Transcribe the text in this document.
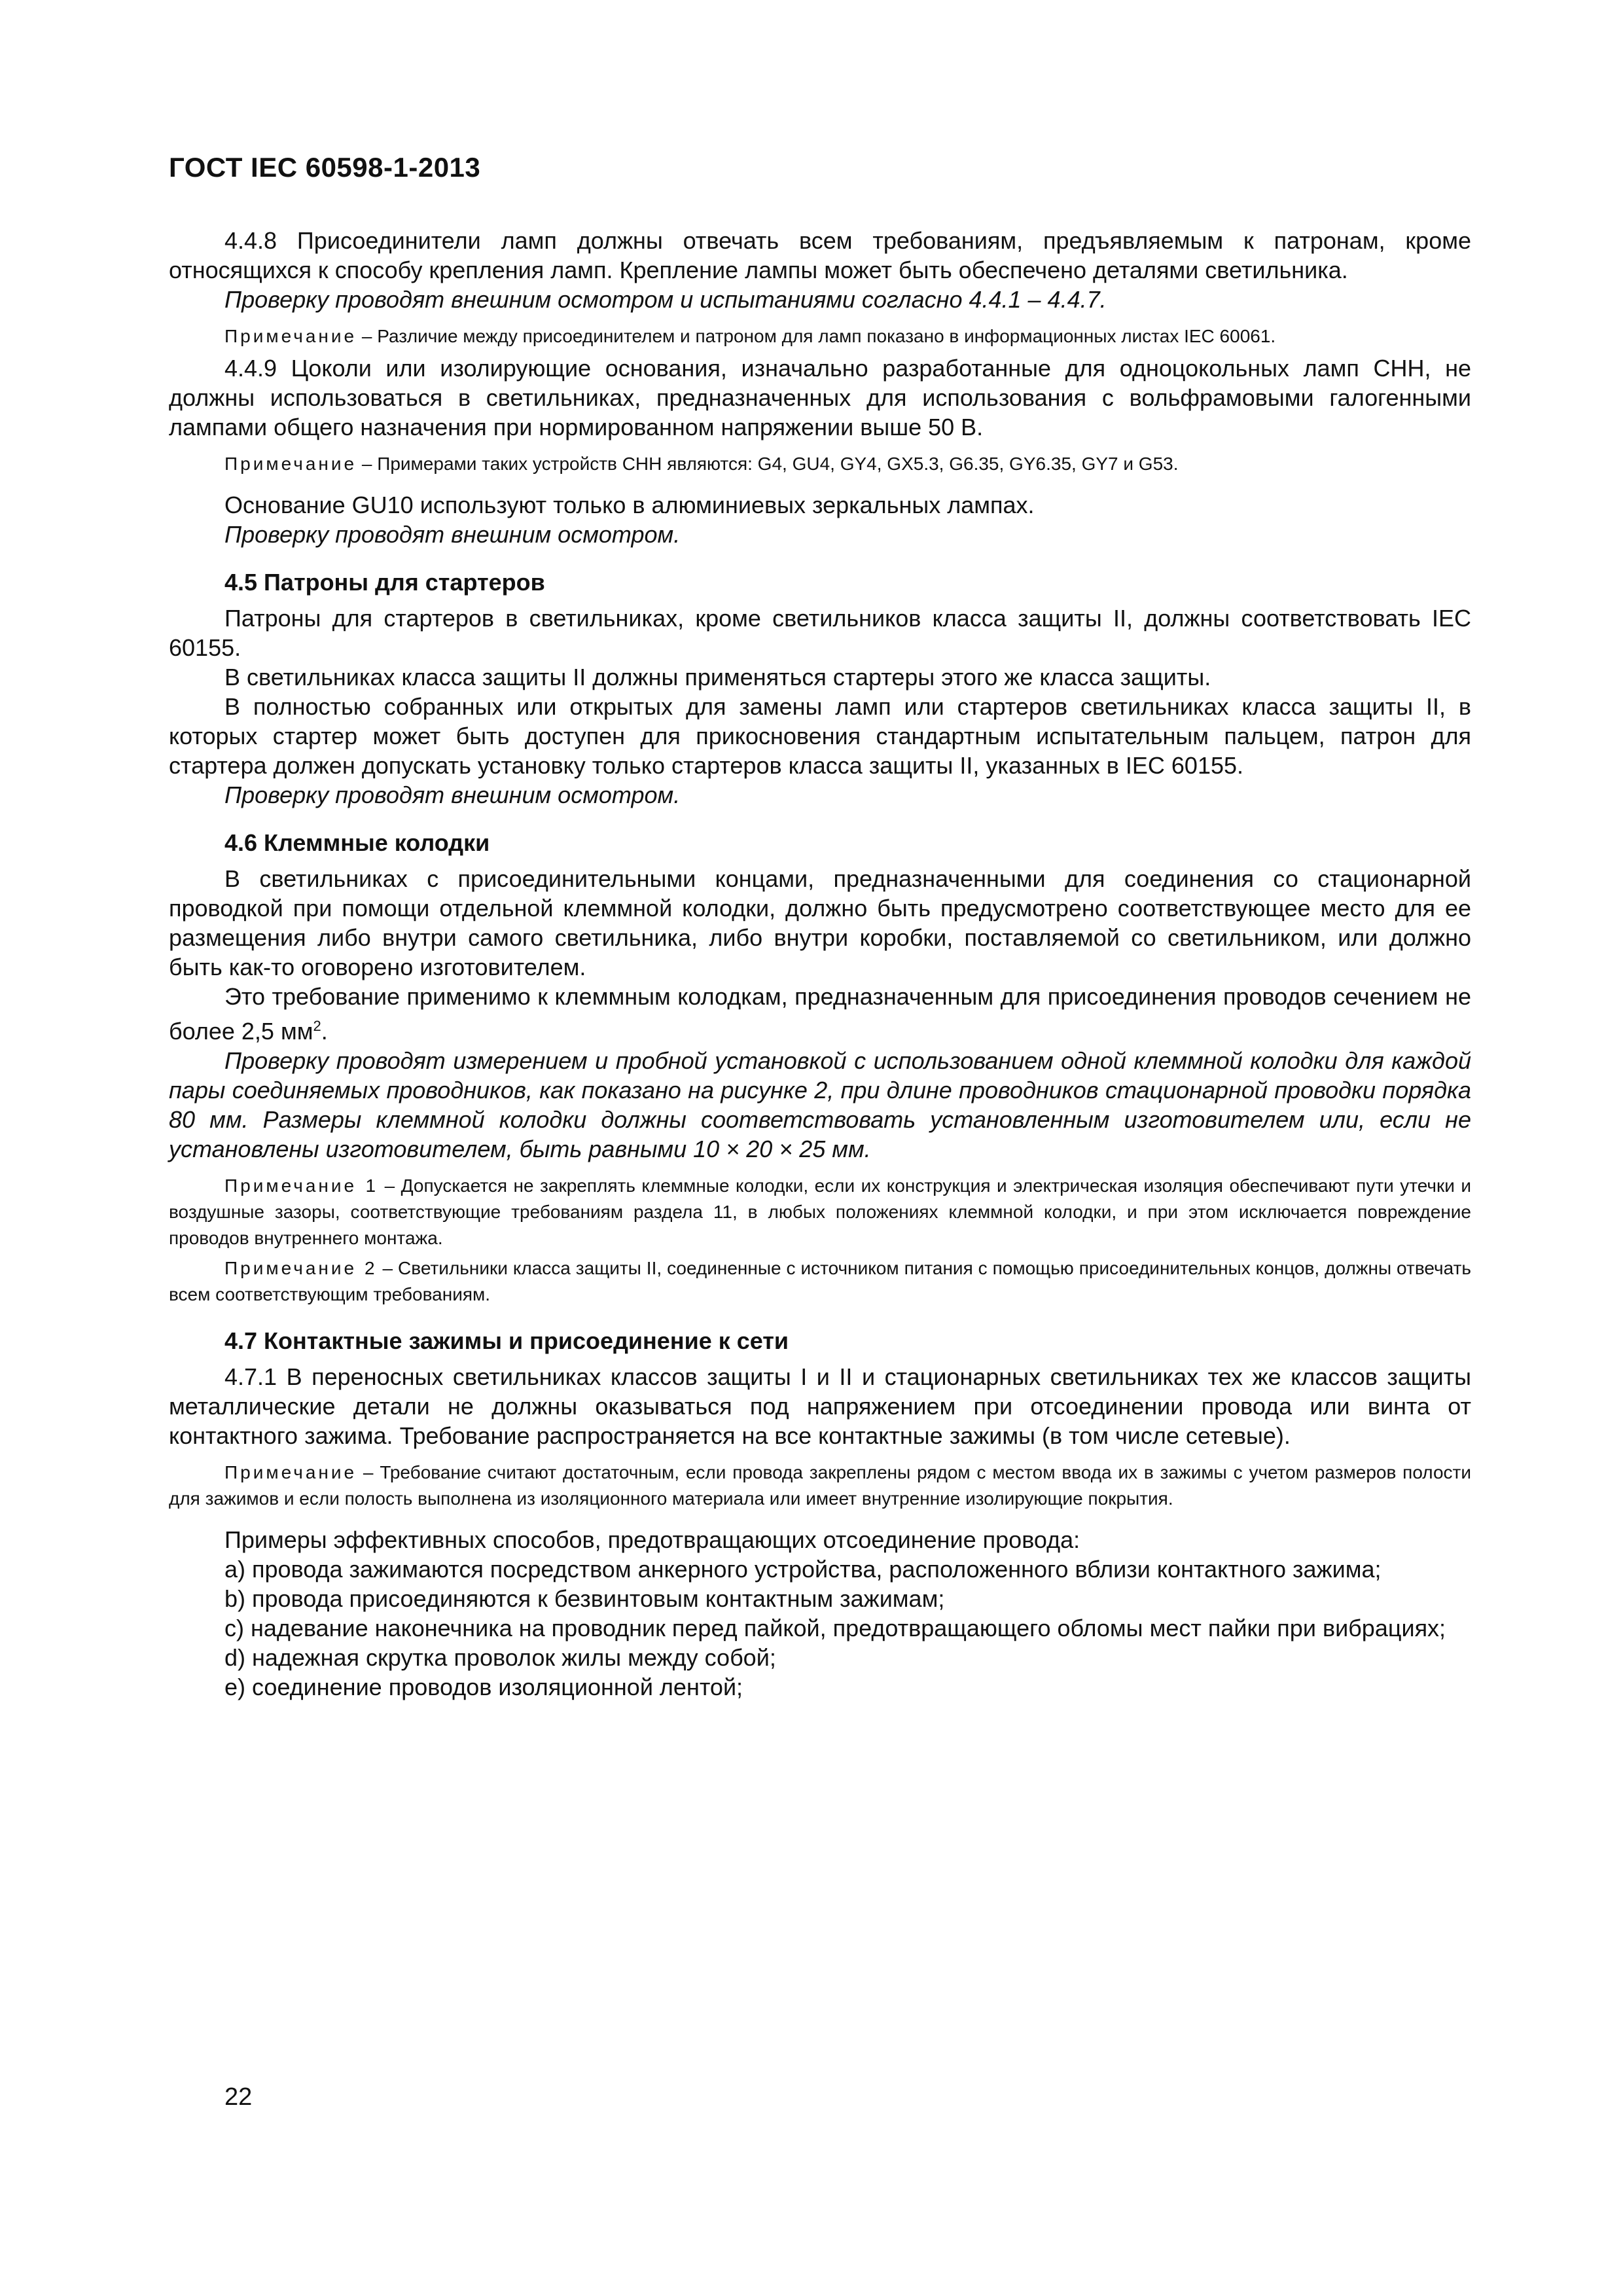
ГОСТ IEC 60598-1-2013

4.4.8 Присоединители ламп должны отвечать всем требованиям, предъявляемым к патронам, кроме относящихся к способу крепления ламп. Крепление лампы может быть обеспечено деталями светильника.

Проверку проводят внешним осмотром и испытаниями согласно 4.4.1 – 4.4.7.

Примечание – Различие между присоединителем и патроном для ламп показано в информационных листах IEC 60061.

4.4.9 Цоколи или изолирующие основания, изначально разработанные для одноцокольных ламп СНН, не должны использоваться в светильниках, предназначенных для использования с вольфрамовыми галогенными лампами общего назначения при нормированном напряжении выше 50 В.

Примечание – Примерами таких устройств СНН являются: G4, GU4, GY4, GX5.3, G6.35, GY6.35, GY7 и G53.

Основание GU10 используют только в алюминиевых зеркальных лампах.

Проверку проводят внешним осмотром.

4.5 Патроны для стартеров

Патроны для стартеров в светильниках, кроме светильников класса защиты II, должны соответствовать IEC 60155.

В светильниках класса защиты II должны применяться стартеры этого же класса защиты.

В полностью собранных или открытых для замены ламп или стартеров светильниках класса защиты II, в которых стартер может быть доступен для прикосновения стандартным испытательным пальцем, патрон для стартера должен допускать установку только стартеров класса защиты II, указанных в IEC 60155.

Проверку проводят внешним осмотром.

4.6 Клеммные колодки

В светильниках с присоединительными концами, предназначенными для соединения со стационарной проводкой при помощи отдельной клеммной колодки, должно быть предусмотрено соответствующее место для ее размещения либо внутри самого светильника, либо внутри коробки, поставляемой со светильником, или должно быть как-то оговорено изготовителем.

Это требование применимо к клеммным колодкам, предназначенным для присоединения проводов сечением не более 2,5 $мм^2$.

Проверку проводят измерением и пробной установкой с использованием одной клеммной колодки для каждой пары соединяемых проводников, как показано на рисунке 2, при длине проводников стационарной проводки порядка 80 мм. Размеры клеммной колодки должны соответствовать установленным изготовителем или, если не установлены изготовителем, быть равными 10 × 20 × 25 мм.

Примечание 1 – Допускается не закреплять клеммные колодки, если их конструкция и электрическая изоляция обеспечивают пути утечки и воздушные зазоры, соответствующие требованиям раздела 11, в любых положениях клеммной колодки, и при этом исключается повреждение проводов внутреннего монтажа.

Примечание 2 – Светильники класса защиты II, соединенные с источником питания с помощью присоединительных концов, должны отвечать всем соответствующим требованиям.

4.7 Контактные зажимы и присоединение к сети

4.7.1 В переносных светильниках классов защиты I и II и стационарных светильниках тех же классов защиты металлические детали не должны оказываться под напряжением при отсоединении провода или винта от контактного зажима. Требование распространяется на все контактные зажимы (в том числе сетевые).

Примечание – Требование считают достаточным, если провода закреплены рядом с местом ввода их в зажимы с учетом размеров полости для зажимов и если полость выполнена из изоляционного материала или имеет внутренние изолирующие покрытия.

Примеры эффективных способов, предотвращающих отсоединение провода:

a) провода зажимаются посредством анкерного устройства, расположенного вблизи контактного зажима;

b) провода присоединяются к безвинтовым контактным зажимам;

c) надевание наконечника на проводник перед пайкой, предотвращающего обломы мест пайки при вибрациях;

d) надежная скрутка проволок жилы между собой;

e) соединение проводов изоляционной лентой;

22
